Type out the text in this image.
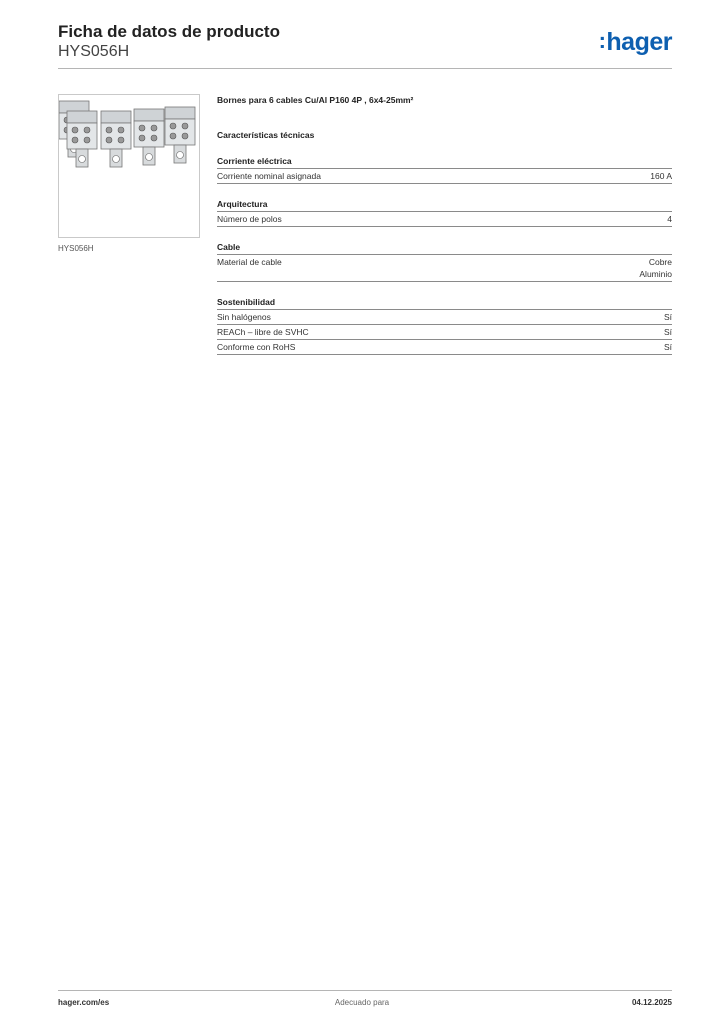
Ficha de datos de producto
HYS056H	:hager
HYS056H
Bornes para 6 cables Cu/Al P160 4P , 6x4-25mm²
Características técnicas
Corriente eléctrica
Corriente nominal asignada	160 A
Arquitectura
Número de polos	4
Cable
Material de cable	Cobre
Aluminio
Sostenibilidad
Sin halógenos	Sí
REACh – libre de SVHC	Sí
Conforme con RoHS	Sí
hager.com/es	Adecuado para	04.12.2025
